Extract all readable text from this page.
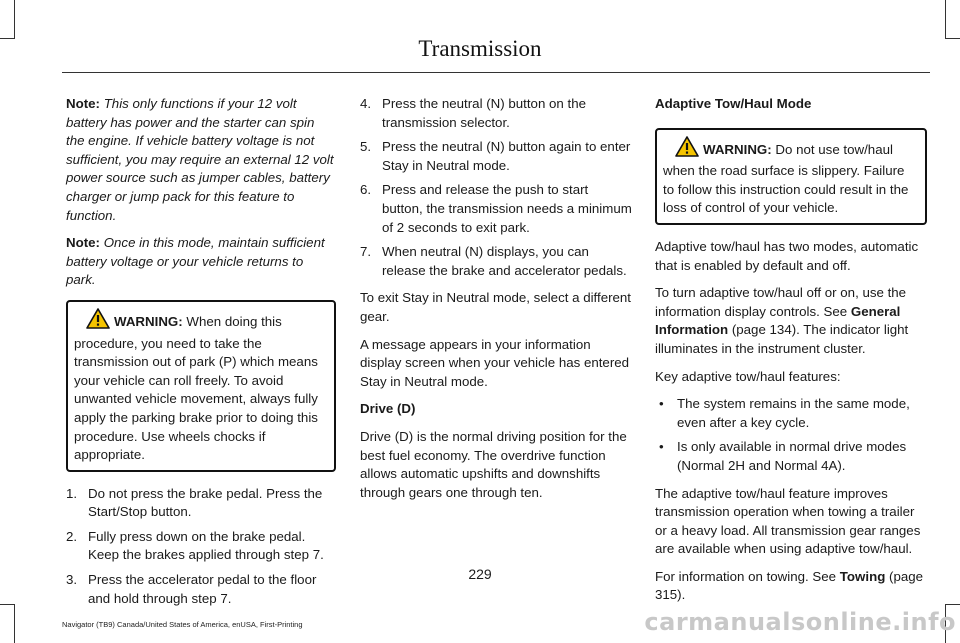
Transmission

Note: This only functions if your 12 volt battery has power and the starter can spin the engine. If vehicle battery voltage is not sufficient, you may require an external 12 volt power source such as jumper cables, battery charger or jump pack for this feature to function.

Note: Once in this mode, maintain sufficient battery voltage or your vehicle returns to park.

WARNING: When doing this procedure, you need to take the transmission out of park (P) which means your vehicle can roll freely. To avoid unwanted vehicle movement, always fully apply the parking brake prior to doing this procedure. Use wheels chocks if appropriate.
1. Do not press the brake pedal. Press the Start/Stop button.
2. Fully press down on the brake pedal. Keep the brakes applied through step 7.
3. Press the accelerator pedal to the floor and hold through step 7.
4. Press the neutral (N) button on the transmission selector.
5. Press the neutral (N) button again to enter Stay in Neutral mode.
6. Press and release the push to start button, the transmission needs a minimum of 2 seconds to exit park.
7. When neutral (N) displays, you can release the brake and accelerator pedals.

To exit Stay in Neutral mode, select a different gear.

A message appears in your information display screen when your vehicle has entered Stay in Neutral mode.

Drive (D)

Drive (D) is the normal driving position for the best fuel economy. The overdrive function allows automatic upshifts and downshifts through gears one through ten.

Adaptive Tow/Haul Mode

WARNING: Do not use tow/haul when the road surface is slippery. Failure to follow this instruction could result in the loss of control of your vehicle.

Adaptive tow/haul has two modes, automatic that is enabled by default and off.

To turn adaptive tow/haul off or on, use the information display controls. See General Information (page 134). The indicator light illuminates in the instrument cluster.

Key adaptive tow/haul features:

• The system remains in the same mode, even after a key cycle.
• Is only available in normal drive modes (Normal 2H and Normal 4A).

The adaptive tow/haul feature improves transmission operation when towing a trailer or a heavy load. All transmission gear ranges are available when using adaptive tow/haul.

For information on towing. See Towing (page 315).

229
Navigator (TB9) Canada/United States of America, enUSA, First-Printing	carmanualsonline.info
